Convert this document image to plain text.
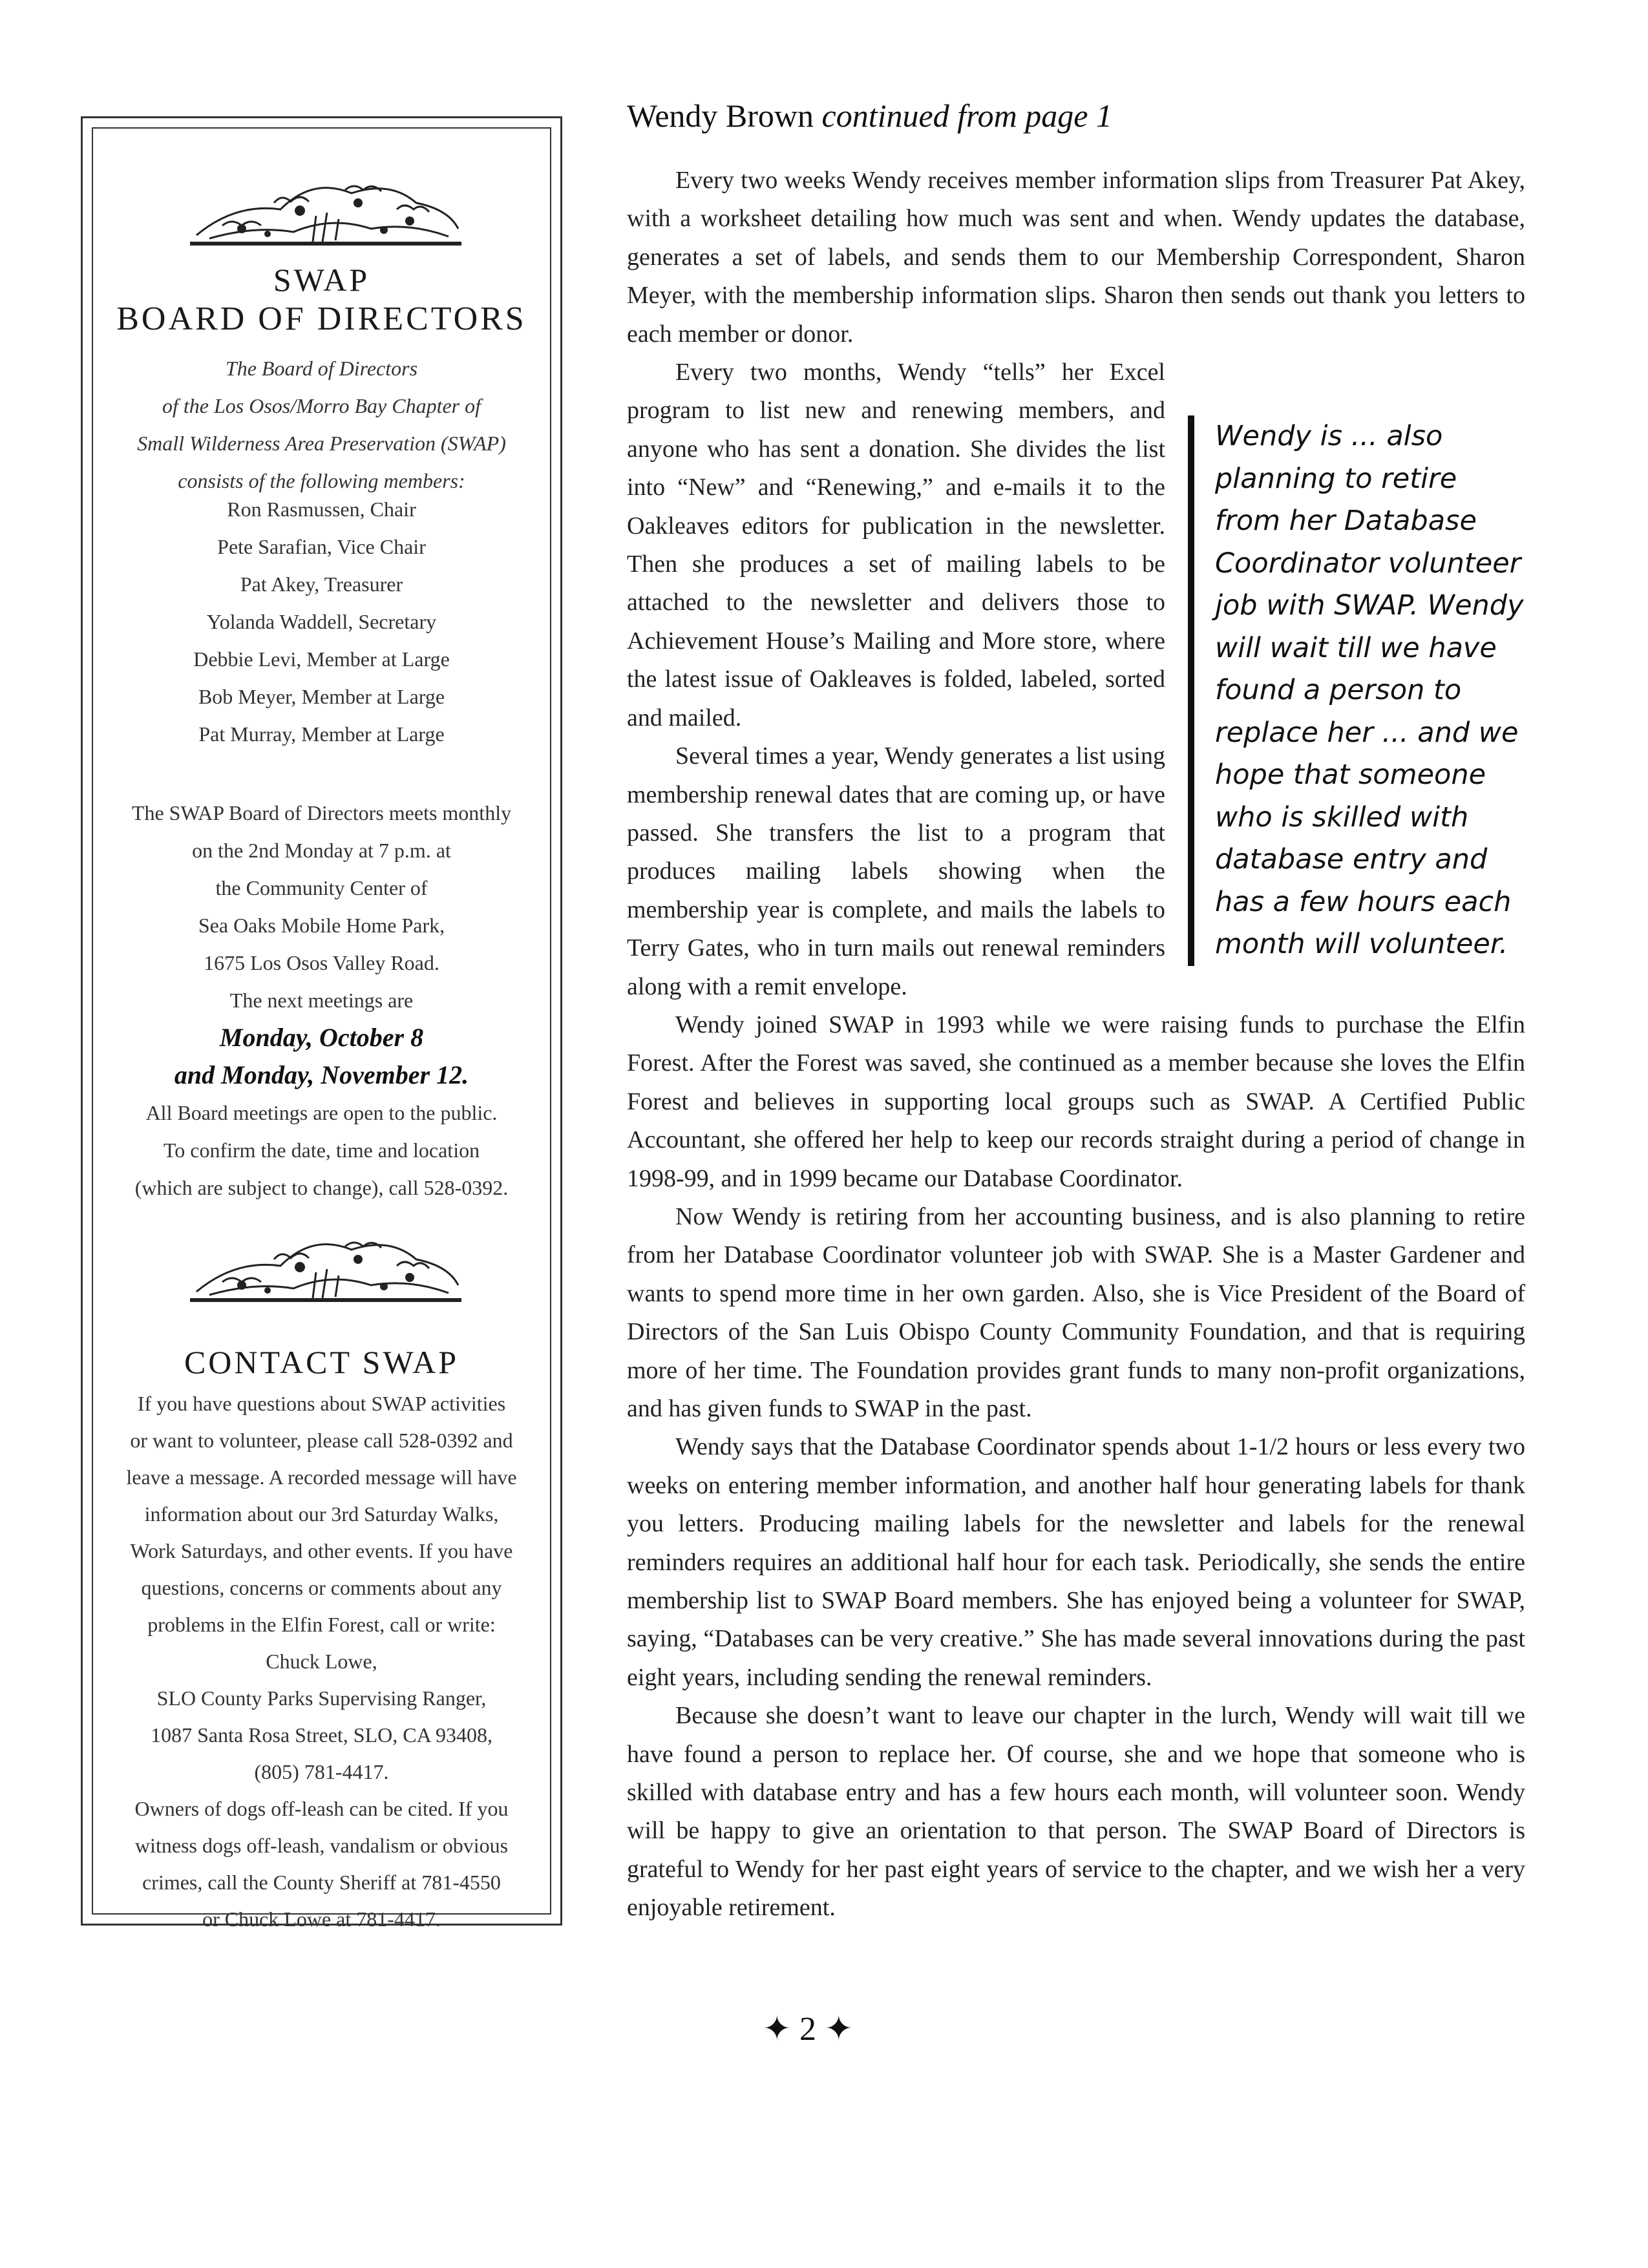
SWAP
BOARD OF DIRECTORS
The Board of Directors
of the Los Osos/Morro Bay Chapter of
Small Wilderness Area Preservation (SWAP)
consists of the following members:
Ron Rasmussen, Chair
Pete Sarafian, Vice Chair
Pat Akey, Treasurer
Yolanda Waddell, Secretary
Debbie Levi, Member at Large
Bob Meyer, Member at Large
Pat Murray, Member at Large
The SWAP Board of Directors meets monthly
on the 2nd Monday at 7 p.m. at
the Community Center of
Sea Oaks Mobile Home Park,
1675 Los Osos Valley Road.
The next meetings are
Monday, October 8
and Monday, November 12.
All Board meetings are open to the public.
To confirm the date, time and location
(which are subject to change), call 528-0392.
CONTACT SWAP
If you have questions about SWAP activities
or want to volunteer, please call 528-0392 and
leave a message. A recorded message will have
information about our 3rd Saturday Walks,
Work Saturdays, and other events. If you have
questions, concerns or comments about any
problems in the Elfin Forest, call or write:
Chuck Lowe,
SLO County Parks Supervising Ranger,
1087 Santa Rosa Street, SLO, CA 93408,
(805) 781-4417.
Owners of dogs off-leash can be cited. If you
witness dogs off-leash, vandalism or obvious
crimes, call the County Sheriff at 781-4550
or Chuck Lowe at 781-4417.
Wendy Brown continued from page 1

Every two weeks Wendy receives member information slips from Treasurer Pat Akey, with a worksheet detailing how much was sent and when. Wendy updates the database, generates a set of labels, and sends them to our Membership Correspondent, Sharon Meyer, with the membership information slips. Sharon then sends out thank you letters to each member or donor.

Wendy is ... also planning to retire from her Database Coordinator volunteer job with SWAP. Wendy will wait till we have found a person to replace her ... and we hope that someone who is skilled with database entry and has a few hours each month will volunteer.

Every two months, Wendy “tells” her Excel program to list new and renewing members, and anyone who has sent a donation. She divides the list into “New” and “Renewing,” and e-mails it to the Oakleaves editors for publication in the newsletter. Then she produces a set of mailing labels to be attached to the newsletter and delivers those to Achievement House’s Mailing and More store, where the latest issue of Oakleaves is folded, labeled, sorted and mailed.

Several times a year, Wendy generates a list using membership renewal dates that are coming up, or have passed. She transfers the list to a program that produces mailing labels showing when the membership year is complete, and mails the labels to Terry Gates, who in turn mails out renewal reminders along with a remit envelope.

Wendy joined SWAP in 1993 while we were raising funds to purchase the Elfin Forest. After the Forest was saved, she continued as a member because she loves the Elfin Forest and believes in supporting local groups such as SWAP. A Certified Public Accountant, she offered her help to keep our records straight during a period of change in 1998-99, and in 1999 became our Database Coordinator.

Now Wendy is retiring from her accounting business, and is also planning to retire from her Database Coordinator volunteer job with SWAP. She is a Master Gardener and wants to spend more time in her own garden. Also, she is Vice President of the Board of Directors of the San Luis Obispo County Community Foundation, and that is requiring more of her time. The Foundation provides grant funds to many non-profit organizations, and has given funds to SWAP in the past.

Wendy says that the Database Coordinator spends about 1-1/2 hours or less every two weeks on entering member information, and another half hour generating labels for thank you letters. Producing mailing labels for the newsletter and labels for the renewal reminders requires an additional half hour for each task. Periodically, she sends the entire membership list to SWAP Board members. She has enjoyed being a volunteer for SWAP, saying, “Databases can be very creative.” She has made several innovations during the past eight years, including sending the renewal reminders.

Because she doesn’t want to leave our chapter in the lurch, Wendy will wait till we have found a person to replace her. Of course, she and we hope that someone who is skilled with database entry and has a few hours each month, will volunteer soon. Wendy will be happy to give an orientation to that person. The SWAP Board of Directors is grateful to Wendy for her past eight years of service to the chapter, and we wish her a very enjoyable retirement.

✦ 2 ✦
